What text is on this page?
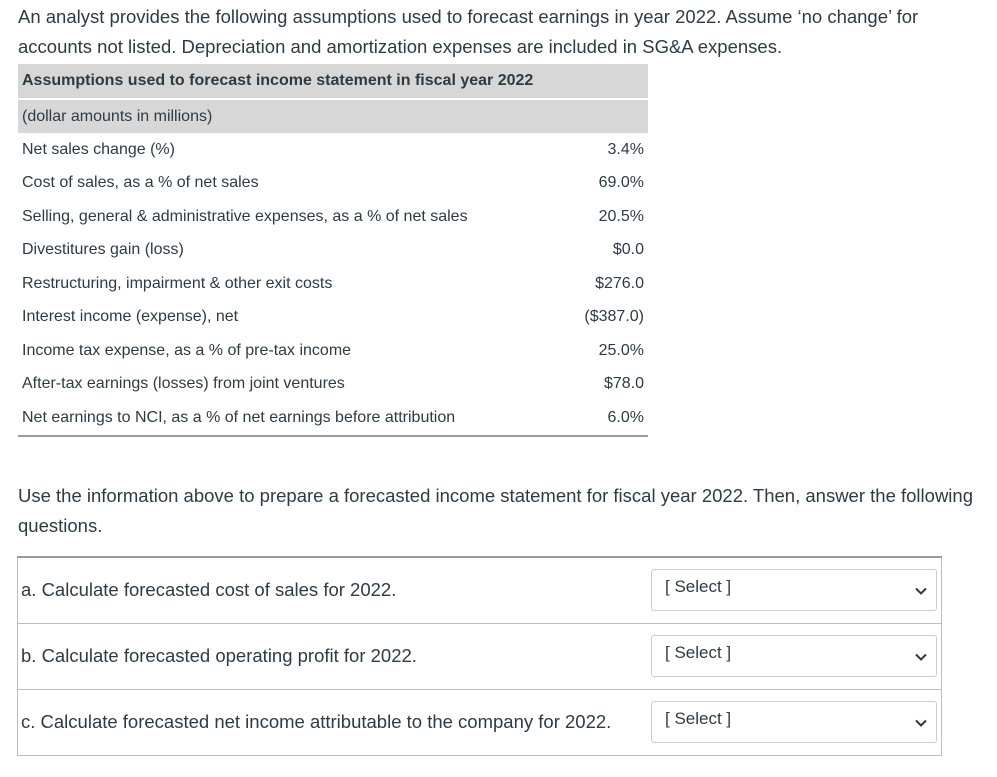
An analyst provides the following assumptions used to forecast earnings in year 2022. Assume ‘no change’ for accounts not listed. Depreciation and amortization expenses are included in SG&A expenses.

Assumptions used to forecast income statement in fiscal year 2022	

(dollar amounts in millions)	
Net sales change (%)	3.4%
Cost of sales, as a % of net sales	69.0%
Selling, general & administrative expenses, as a % of net sales	20.5%
Divestitures gain (loss)	$0.0
Restructuring, impairment & other exit costs	$276.0
Interest income (expense), net	($387.0)
Income tax expense, as a % of pre-tax income	25.0%
After-tax earnings (losses) from joint ventures	$78.0
Net earnings to NCI, as a % of net earnings before attribution	6.0%

Use the information above to prepare a forecasted income statement for fiscal year 2022. Then, answer the following questions.

a. Calculate forecasted cost of sales for 2022.	[ Select ]

b. Calculate forecasted operating profit for 2022.	[ Select ]

c. Calculate forecasted net income attributable to the company for 2022.	[ Select ]
